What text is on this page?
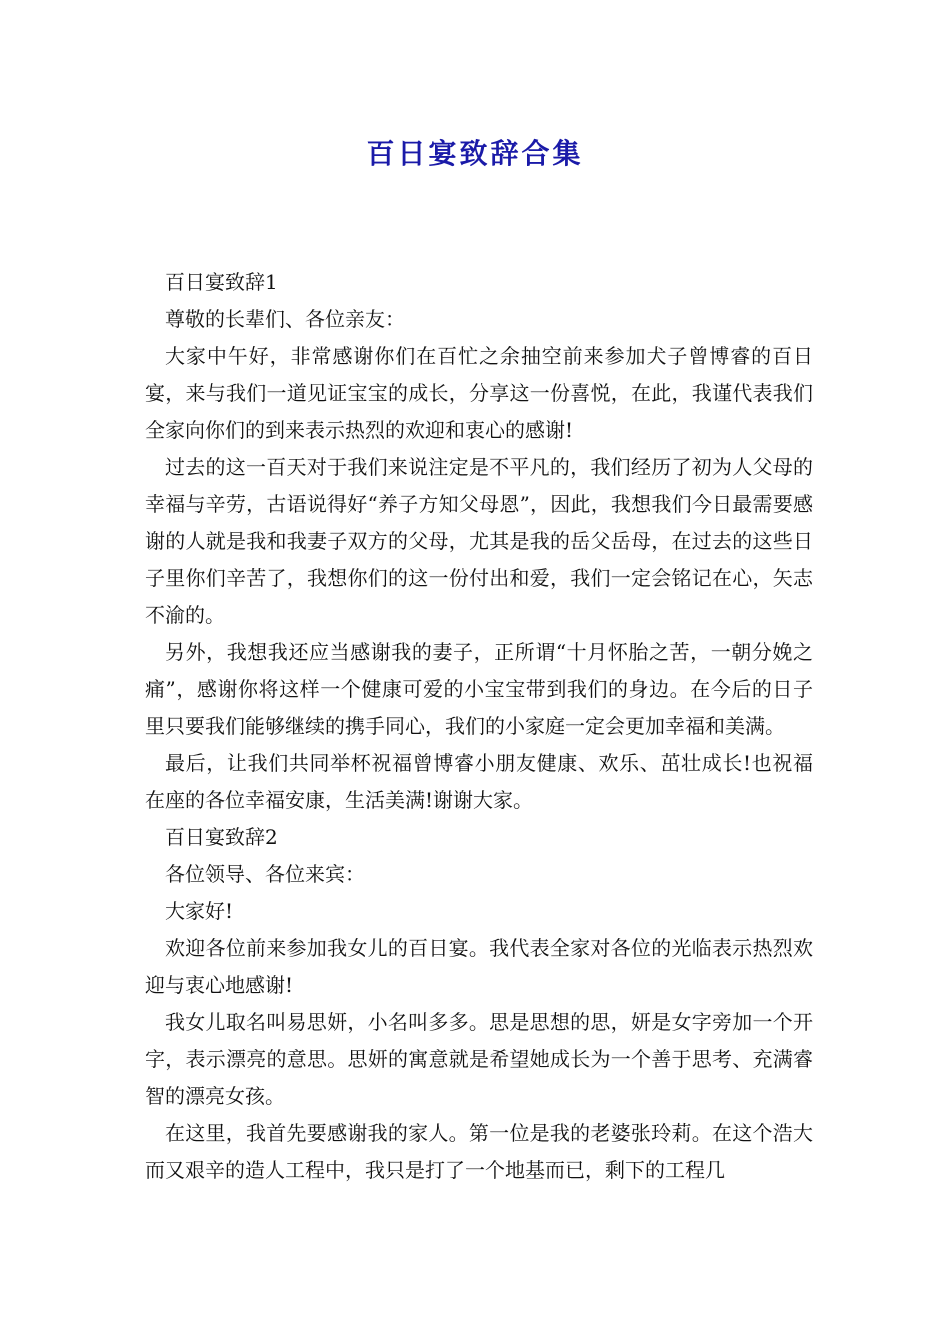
百日宴致辞合集

百日宴致辞1

尊敬的长辈们、各位亲友：

大家中午好，非常感谢你们在百忙之余抽空前来参加犬子曾博睿的百日宴，来与我们一道见证宝宝的成长，分享这一份喜悦，在此，我谨代表我们全家向你们的到来表示热烈的欢迎和衷心的感谢!

过去的这一百天对于我们来说注定是不平凡的，我们经历了初为人父母的幸福与辛劳，古语说得好“养子方知父母恩”，因此，我想我们今日最需要感谢的人就是我和我妻子双方的父母，尤其是我的岳父岳母，在过去的这些日子里你们辛苦了，我想你们的这一份付出和爱，我们一定会铭记在心，矢志不渝的。

另外，我想我还应当感谢我的妻子，正所谓“十月怀胎之苦，一朝分娩之痛”，感谢你将这样一个健康可爱的小宝宝带到我们的身边。在今后的日子里只要我们能够继续的携手同心，我们的小家庭一定会更加幸福和美满。

最后，让我们共同举杯祝福曾博睿小朋友健康、欢乐、茁壮成长!也祝福在座的各位幸福安康，生活美满!谢谢大家。

百日宴致辞2

各位领导、各位来宾：

大家好!

欢迎各位前来参加我女儿的百日宴。我代表全家对各位的光临表示热烈欢迎与衷心地感谢!

我女儿取名叫易思妍，小名叫多多。思是思想的思，妍是女字旁加一个开字，表示漂亮的意思。思妍的寓意就是希望她成长为一个善于思考、充满睿智的漂亮女孩。

在这里，我首先要感谢我的家人。第一位是我的老婆张玲莉。在这个浩大而又艰辛的造人工程中，我只是打了一个地基而已，剩下的工程几
